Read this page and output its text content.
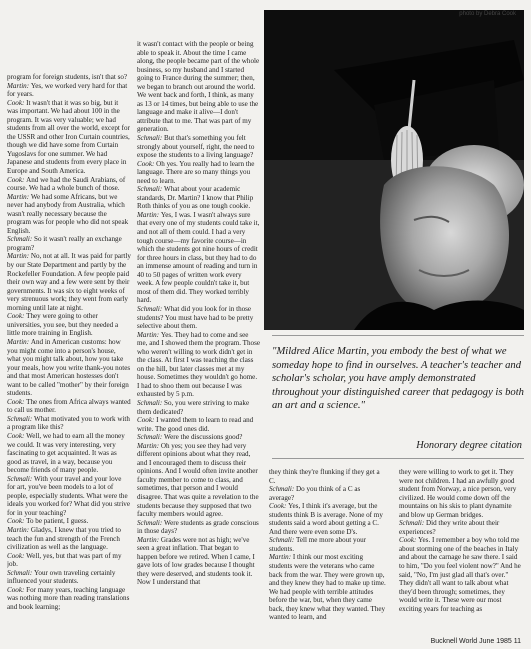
photo by Debra Cook

program for foreign students, isn't that so?

Martin: Yes, we worked very hard for that for years.

Cook: It wasn't that it was so big, but it was important. We had about 100 in the program. It was very valuable; we had students from all over the world, except for the USSR and other Iron Curtain countries, though we did have some from Curtain Yugoslavs for one summer. We had Japanese and students from every place in Europe and South America.

Cook: And we had the Saudi Arabians, of course. We had a whole bunch of those.

Martin: We had some Africans, but we never had anybody from Australia, which wasn't really necessary because the program was for people who did not speak English.

Schmali: So it wasn't really an exchange program?

Martin: No, not at all. It was paid for partly by our State Department and partly by the Rockefeller Foundation. A few people paid their own way and a few were sent by their governments. It was six to eight weeks of very strenuous work; they went from early morning until late at night.

Cook: They were going to other universities, you see, but they needed a little more training in English.

Martin: And in American customs: how you might come into a person's house, what you might talk about, how you take your meals, how you write thank-you notes and that most American hostesses don't want to be called "mother" by their foreign students.

Cook: The ones from Africa always wanted to call us mother.

Schmali: What motivated you to work with a program like this?

Cook: Well, we had to earn all the money we could. It was very interesting, very fascinating to get acquainted. It was as good as travel, in a way, because you become friends of many people.

Schmali: With your travel and your love for art, you've been models to a lot of people, especially students. What were the ideals you worked for? What did you strive for in your teaching?

Cook: To be patient, I guess.

Martin: Gladys, I knew that you tried to teach the fun and strength of the French civilization as well as the language.

Cook: Well, yes, but that was part of my job.

Schmali: Your own traveling certainly influenced your students.

Cook: For many years, teaching language was nothing more than reading translations and book learning;

it wasn't contact with the people or being able to speak it. About the time I came along, the people became part of the whole business, so my husband and I started going to France during the summer; then, we began to branch out around the world. We went back and forth, I think, as many as 13 or 14 times, but being able to use the language and make it alive—I don't attribute that to me. That was part of my generation.

Schmali: But that's something you felt strongly about yourself, right, the need to expose the students to a living language?

Cook: Oh yes. You really had to learn the language. There are so many things you need to learn.

Schmali: What about your academic standards, Dr. Martin? I know that Philip Roth thinks of you as one tough cookie.

Martin: Yes, I was. I wasn't always sure that every one of my students could take it, and not all of them could. I had a very tough course—my favorite course—in which the students got nine hours of credit for three hours in class, but they had to do an immense amount of reading and turn in 40 to 50 pages of written work every week. A few people couldn't take it, but most of them did. They worked terribly hard.

Schmali: What did you look for in those students? You must have had to be pretty selective about them.

Martin: Yes. They had to come and see me, and I showed them the program. Those who weren't willing to work didn't get in the class. At first I was teaching the class on the hill, but later classes met at my house. Sometimes they wouldn't go home. I had to shoo them out because I was exhausted by 5 p.m.

Schmali: So, you were striving to make them dedicated?

Cook: I wanted them to learn to read and write. The good ones did.

Schmali: Were the discussions good?

Martin: Oh yes; you see they had very different opinions about what they read, and I encouraged them to discuss their opinions. And I would often invite another faculty member to come to class, and sometimes, that person and I would disagree. That was quite a revelation to the students because they supposed that two faculty members would agree.

Schmali: Were students as grade conscious in those days?

Martin: Grades were not as high; we've seen a great inflation. That began to happen before we retired. When I came, I gave lots of low grades because I thought they were deserved, and students took it. Now I understand that

"Mildred Alice Martin, you embody the best of what we someday hope to find in ourselves. A teacher's teacher and scholar's scholar, you have amply demonstrated throughout your distinguished career that pedagogy is both an art and a science."
Honorary degree citation

they think they're flunking if they get a C.

Schmali: Do you think of a C as average?

Cook: Yes, I think it's average, but the students think B is average. None of my students said a word about getting a C. And there were even some D's.

Schmali: Tell me more about your students.

Martin: I think our most exciting students were the veterans who came back from the war. They were grown up, and they knew they had to make up time. We had people with terrible attitudes before the war, but, when they came back, they knew what they wanted. They wanted to learn, and

they were willing to work to get it. They were not children. I had an awfully good student from Norway, a nice person, very civilized. He would come down off the mountains on his skis to plant dynamite and blow up German bridges.

Schmali: Did they write about their experiences?

Cook: Yes. I remember a boy who told me about storming one of the beaches in Italy and about the carnage he saw there. I said to him, "Do you feel violent now?" And he said, "No, I'm just glad all that's over."

They didn't all want to talk about what they'd been through; sometimes, they would write it. These were our most exciting years for teaching as

Bucknell World June 1985 11
